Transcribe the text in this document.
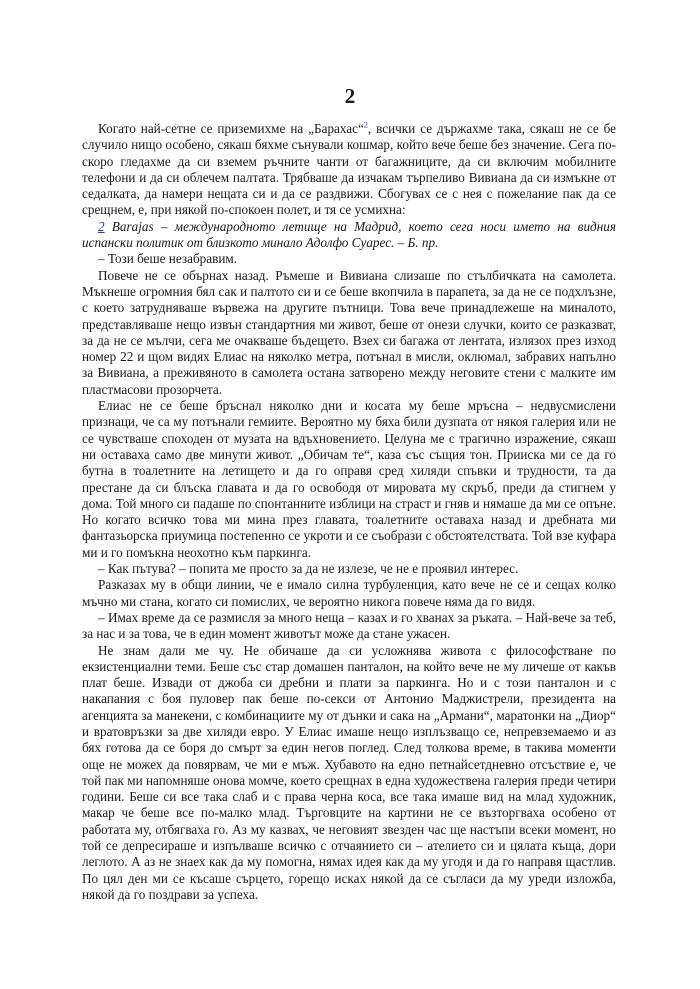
2

Когато най-сетне се приземихме на „Барахас“$^2$, всички се държахме така, сякаш не се бе случило нищо особено, сякаш бяхме сънували кошмар, който вече беше без значение. Сега по-скоро гледахме да си вземем ръчните чанти от багажниците, да си включим мобилните телефони и да си облечем палтата. Трябваше да изчакам търпеливо Вивиана да си измъкне от седалката, да намери нещата си и да се раздвижи. Сбогувах се с нея с пожелание пак да се срещнем, е, при някой по-спокоен полет, и тя се усмихна:

2 Barajas – международното летище на Мадрид, което сега носи името на видния испански политик от близкото минало Адолфо Суарес. – Б. пр.

– Този беше незабравим.

Повече не се обърнах назад. Ръмеше и Вивиана слизаше по стълбичката на самолета. Мъкнеше огромния бял сак и палтото си и се беше вкопчила в парапета, за да не се подхлъзне, с което затрудняваше вървежа на другите пътници. Това вече принадлежеше на миналото, представляваше нещо извън стандартния ми живот, беше от онези случки, които се разказват, за да не се мълчи, сега ме очакваше бъдещето. Взех си багажа от лентата, излязох през изход номер 22 и щом видях Елиас на няколко метра, потънал в мисли, оклюмал, забравих напълно за Вивиана, а преживяното в самолета остана затворено между неговите стени с малките им пластмасови прозорчета.

Елиас не се беше бръснал няколко дни и косата му беше мръсна – недвусмислени признаци, че са му потънали гемиите. Вероятно му бяха били дузпата от някоя галерия или не се чувстваше споходен от музата на вдъхновението. Целуна ме с трагично изражение, сякаш ни оставаха само две минути живот. „Обичам те“, каза със същия тон. Прииска ми се да го бутна в тоалетните на летището и да го оправя сред хиляди спъвки и трудности, та да престане да си блъска главата и да го освободя от мировата му скръб, преди да стигнем у дома. Той много си падаше по спонтанните изблици на страст и гняв и нямаше да ми се опъне. Но когато всичко това ми мина през главата, тоалетните оставаха назад и дребната ми фантазьорска приумица постепенно се укроти и се съобрази с обстоятелствата. Той взе куфара ми и го помъкна неохотно към паркинга.

– Как пътува? – попита ме просто за да не излезе, че не е проявил интерес.

Разказах му в общи линии, че е имало силна турбуленция, като вече не се и сещах колко мъчно ми стана, когато си помислих, че вероятно никога повече няма да го видя.

– Имах време да се размисля за много неща – казах и го хванах за ръката. – Най-вече за теб, за нас и за това, че в един момент животът може да стане ужасен.

Не знам дали ме чу. Не обичаше да си усложнява живота с философстване по екзистенциални теми. Беше със стар домашен панталон, на който вече не му личеше от какъв плат беше. Извади от джоба си дребни и плати за паркинга. Но и с този панталон и с накапания с боя пуловер пак беше по-секси от Антонио Маджистрели, президента на агенцията за манекени, с комбинациите му от дънки и сака на „Армани“, маратонки на „Диор“ и вратовръзки за две хиляди евро. У Елиас имаше нещо изплъзващо се, непревземаемо и аз бях готова да се боря до смърт за един негов поглед. След толкова време, в такива моменти още не можех да повярвам, че ми е мъж. Хубавото на едно петнайсетдневно отсъствие е, че той пак ми напомняше онова момче, което срещнах в една художествена галерия преди четири години. Беше си все така слаб и с права черна коса, все така имаше вид на млад художник, макар че беше все по-малко млад. Търговците на картини не се възторгваха особено от работата му, отбягваха го. Аз му казвах, че неговият звезден час ще настъпи всеки момент, но той се депресираше и изпълваше всичко с отчаянието си – ателието си и цялата къща, дори леглото. А аз не знаех как да му помогна, нямах идея как да му угодя и да го направя щастлив. По цял ден ми се късаше сърцето, горещо исках някой да се съгласи да му уреди изложба, някой да го поздрави за успеха.
